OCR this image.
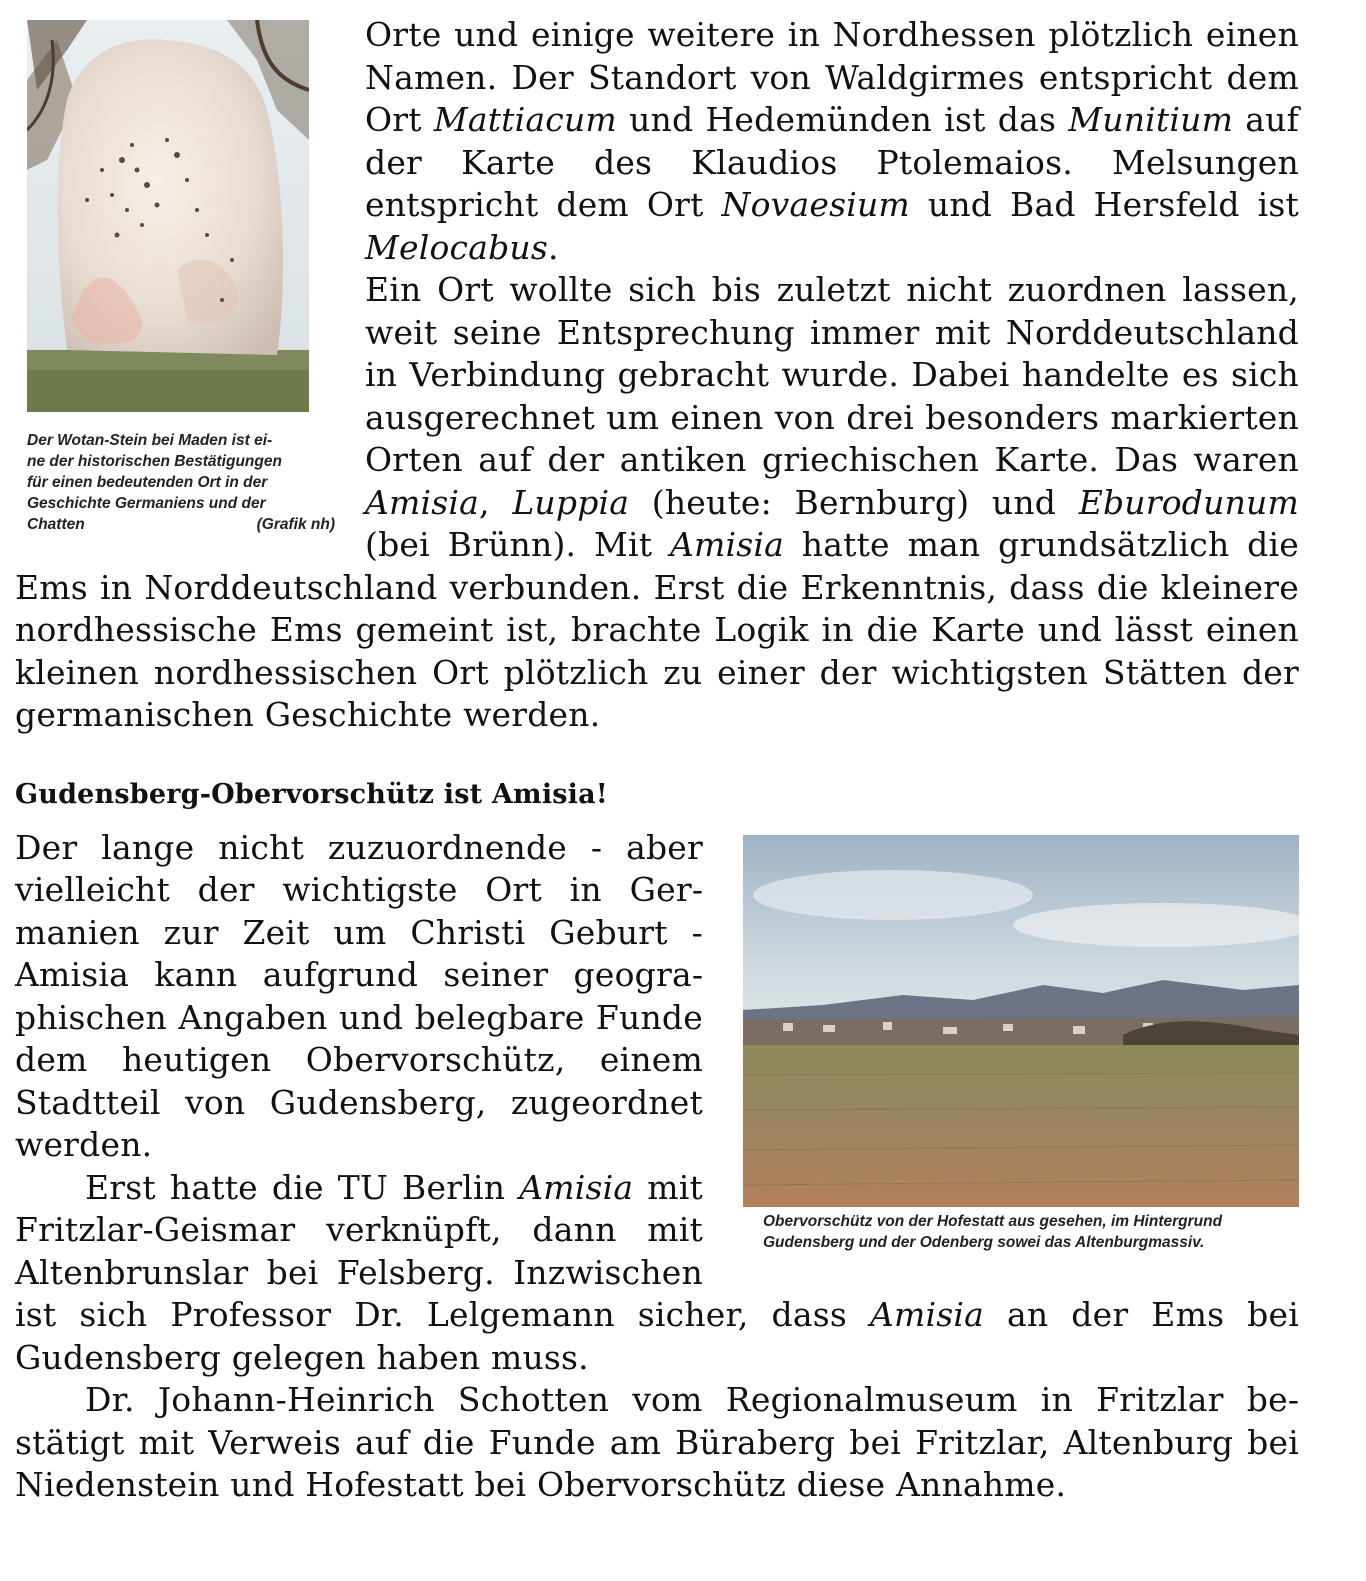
Der Wotan-Stein bei Maden ist ei-
ne der historischen Bestätigungen
für einen bedeutenden Ort in der
Geschichte Germaniens und der
(Grafik nh)
Chatten

Orte und einige weitere in Nordhessen plötzlich einen Namen. Der Standort von Waldgirmes entspricht dem Ort Mattiacum und Hedemünden ist das Munitium auf der Karte des Klaudios Ptolemaios. Melsungen entspricht dem Ort Novaesium und Bad Hersfeld ist Melocabus.

Ein Ort wollte sich bis zuletzt nicht zuordnen lassen, weit seine Entsprechung immer mit Norddeutschland in Verbindung gebracht wurde. Dabei handelte es sich ausgerechnet um einen von drei besonders markierten Orten auf der antiken griechischen Karte. Das waren Amisia, Luppia (heute: Bernburg) und Eburodunum (bei Brünn). Mit Amisia hatte man grundsätzlich die Ems in Norddeutschland verbunden. Erst die Erkenntnis, dass die kleinere nordhessische Ems gemeint ist, brachte Logik in die Karte und lässt einen kleinen nordhessischen Ort plötzlich zu einer der wichtigsten Stätten der germanischen Geschichte werden.

Gudensberg-Obervorschütz ist Amisia!
Obervorschütz von der Hofestatt aus gesehen, im Hintergrund
Gudensberg und der Odenberg sowei das Altenburgmassiv.

Der lange nicht zuzuordnende - aber vielleicht der wichtigste Ort in Germanien zur Zeit um Christi Geburt - Amisia kann aufgrund seiner geographischen Angaben und belegbare Funde dem heutigen Obervorschütz, einem Stadtteil von Gudensberg, zugeordnet werden.

Erst hatte die TU Berlin Amisia mit Fritzlar-Geismar verknüpft, dann mit Altenbrunslar bei Felsberg. Inzwischen ist sich Professor Dr. Lelgemann sicher, dass Amisia an der Ems bei Gudensberg gelegen haben muss.

Dr. Johann-Heinrich Schotten vom Regionalmuseum in Fritzlar bestätigt mit Verweis auf die Funde am Büraberg bei Fritzlar, Altenburg bei Niedenstein und Hofestatt bei Obervorschütz diese Annahme.
